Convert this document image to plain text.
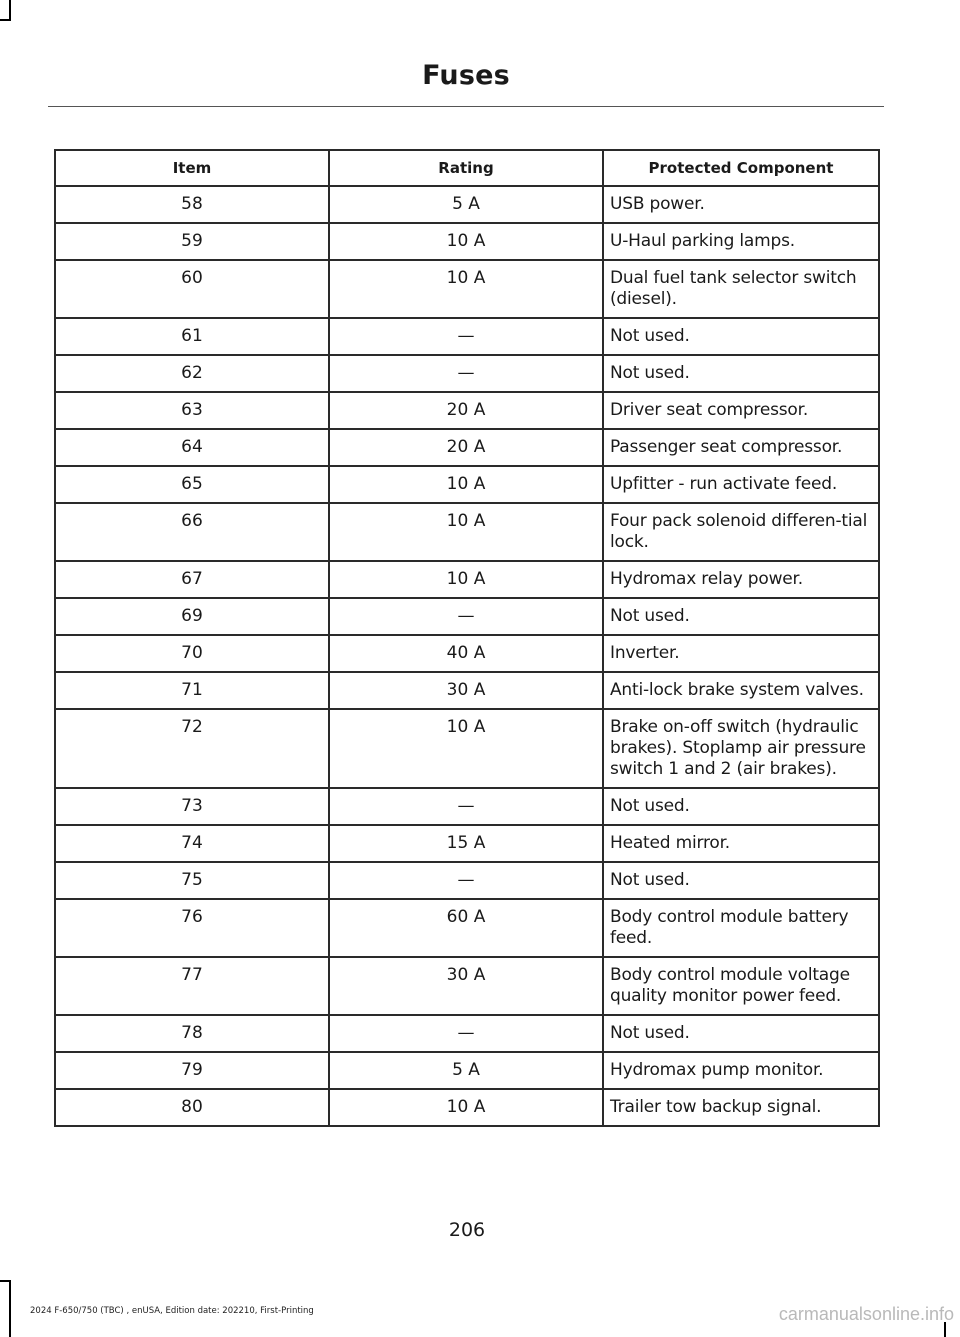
Fuses
Item	Rating	Protected Component
58	5 A	USB power.
59	10 A	U-Haul parking lamps.
60	10 A	Dual fuel tank selector switch (diesel).
61	—	Not used.
62	—	Not used.
63	20 A	Driver seat compressor.
64	20 A	Passenger seat compressor.
65	10 A	Upfitter - run activate feed.
66	10 A	Four pack solenoid differen-tial lock.
67	10 A	Hydromax relay power.
69	—	Not used.
70	40 A	Inverter.
71	30 A	Anti-lock brake system valves.
72	10 A	Brake on-off switch (hydraulic brakes). Stoplamp air pressure switch 1 and 2 (air brakes).
73	—	Not used.
74	15 A	Heated mirror.
75	—	Not used.
76	60 A	Body control module battery feed.
77	30 A	Body control module voltage quality monitor power feed.
78	—	Not used.
79	5 A	Hydromax pump monitor.
80	10 A	Trailer tow backup signal.
206
2024 F-650/750 (TBC) , enUSA, Edition date: 202210, First-Printing	carmanualsonline.info
